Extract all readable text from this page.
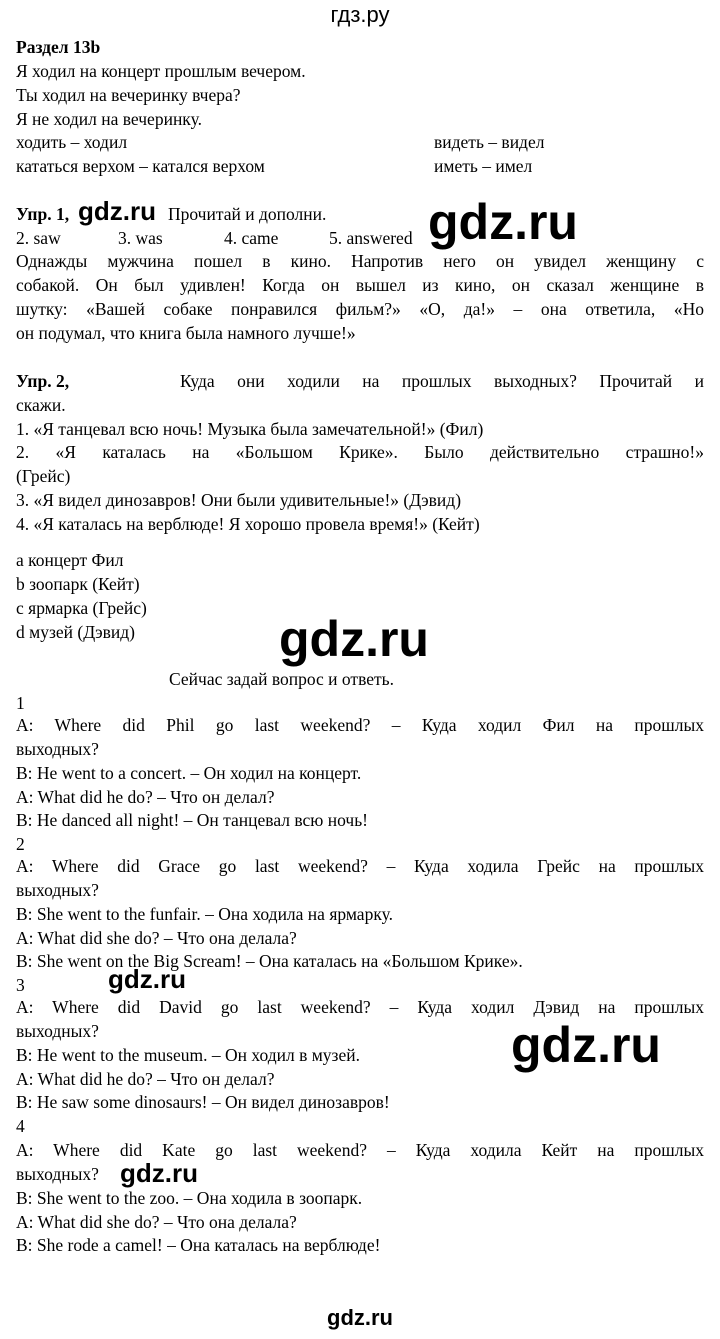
гдз.ру
Раздел 13b
Я ходил на концерт прошлым вечером.
Ты ходил на вечеринку вчера?
Я не ходил на вечеринку.
ходить – ходил	видеть – видел
кататься верхом – катался верхом	иметь – имел
Упр. 1,	Прочитай и дополни.
2. saw	3. was	4. came	5. answered
Однажды мужчина пошел в кино. Напротив него он увидел женщину с
собакой. Он был удивлен! Когда он вышел из кино, он сказал женщине в
шутку: «Вашей собаке понравился фильм?» «О, да!» – она ответила, «Но
он подумал, что книга была намного лучше!»
Упр. 2,	Куда они ходили на прошлых выходных? Прочитай и
скажи.
1. «Я танцевал всю ночь! Музыка была замечательной!» (Фил)
2. «Я каталась на «Большом Крике». Было действительно страшно!»
(Грейс)
3. «Я видел динозавров! Они были удивительные!» (Дэвид)
4. «Я каталась на верблюде! Я хорошо провела время!» (Кейт)
a концерт Фил
b зоопарк (Кейт)
c ярмарка (Грейс)
d музей (Дэвид)
Сейчас задай вопрос и ответь.
1
A: Where did Phil go last weekend? – Куда ходил Фил на прошлых
выходных?
B: He went to a concert. – Он ходил на концерт.
A: What did he do? – Что он делал?
B: He danced all night! – Он танцевал всю ночь!
2
A: Where did Grace go last weekend? – Куда ходила Грейс на прошлых
выходных?
B: She went to the funfair. – Она ходила на ярмарку.
A: What did she do? – Что она делала?
B: She went on the Big Scream! – Она каталась на «Большом Крике».
3
A: Where did David go last weekend? – Куда ходил Дэвид на прошлых
выходных?
B: He went to the museum. – Он ходил в музей.
A: What did he do? – Что он делал?
B: He saw some dinosaurs! – Он видел динозавров!
4
A: Where did Kate go last weekend? – Куда ходила Кейт на прошлых
выходных?
B: She went to the zoo. – Она ходила в зоопарк.
A: What did she do? – Что она делала?
B: She rode a camel! – Она каталась на верблюде!
gdz.ru	gdz.ru
gdz.ru
gdz.ru
gdz.ru
gdz.ru
gdz.ru
